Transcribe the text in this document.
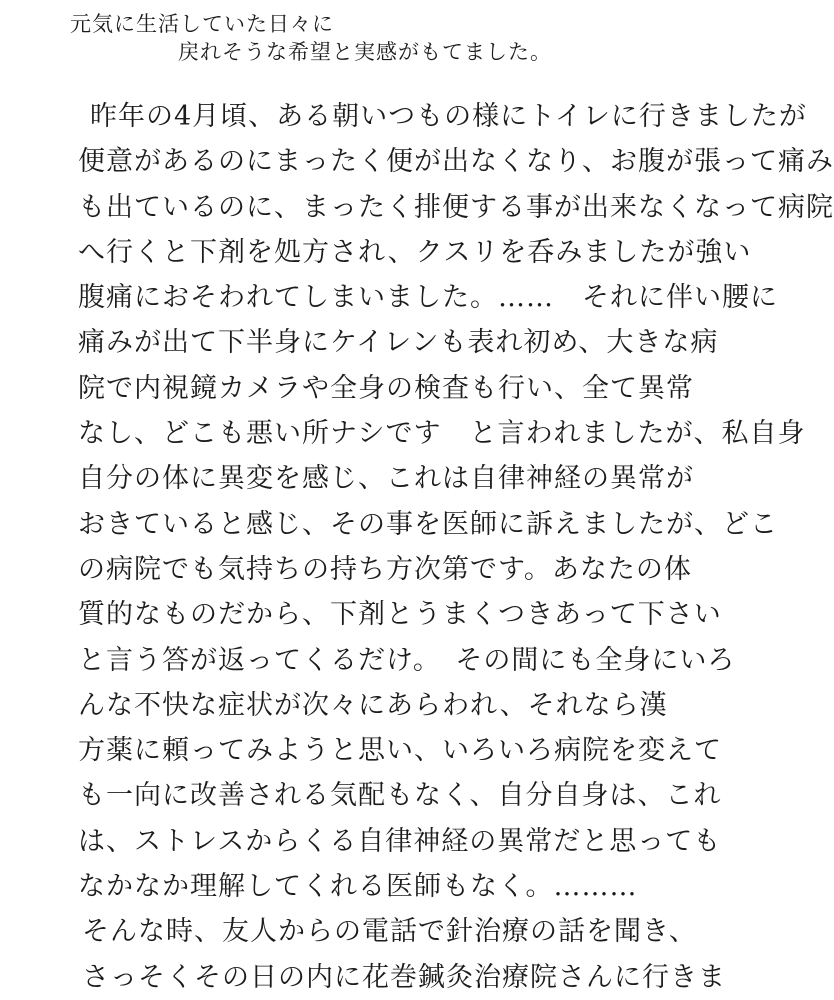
元気に生活していた日々に
戻れそうな希望と実感がもてました。
昨年の4月頃、ある朝いつもの様にトイレに行きましたが
便意があるのにまったく便が出なくなり、お腹が張って痛み
も出ているのに、まったく排便する事が出来なくなって病院
へ行くと下剤を処方され、クスリを呑みましたが強い
腹痛におそわれてしまいました。……　それに伴い腰に
痛みが出て下半身にケイレンも表れ初め、大きな病
院で内視鏡カメラや全身の検査も行い、全て異常
なし、どこも悪い所ナシです　と言われましたが、私自身
自分の体に異変を感じ、これは自律神経の異常が
おきていると感じ、その事を医師に訴えましたが、どこ
の病院でも気持ちの持ち方次第です。あなたの体
質的なものだから、下剤とうまくつきあって下さい
と言う答が返ってくるだけ。　その間にも全身にいろ
んな不快な症状が次々にあらわれ、それなら漢
方薬に頼ってみようと思い、いろいろ病院を変えて
も一向に改善される気配もなく、自分自身は、これ
は、ストレスからくる自律神経の異常だと思っても
なかなか理解してくれる医師もなく。………
そんな時、友人からの電話で針治療の話を聞き、
さっそくその日の内に花巻鍼灸治療院さんに行きま
